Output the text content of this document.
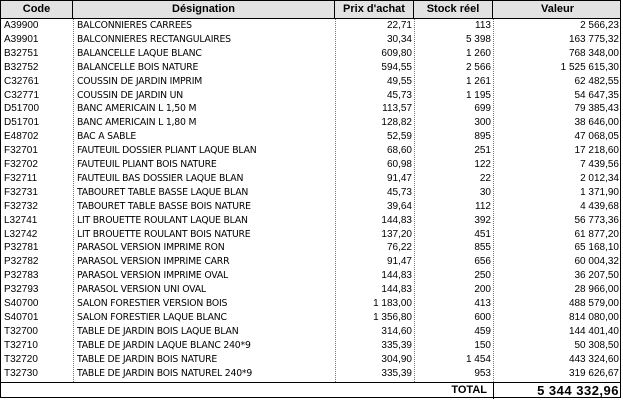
Code	Désignation	Prix d'achat	Stock réel	Valeur
A39900	BALCONNIERES CARREES	22,71	113	2 566,23
A39901	BALCONNIERES RECTANGULAIRES	30,34	5 398	163 775,32
B32751	BALANCELLE LAQUE BLANC	609,80	1 260	768 348,00
B32752	BALANCELLE BOIS NATURE	594,55	2 566	1 525 615,30
C32761	COUSSIN DE JARDIN IMPRIM	49,55	1 261	62 482,55
C32771	COUSSIN DE JARDIN UN	45,73	1 195	54 647,35
D51700	BANC AMERICAIN L 1,50 M	113,57	699	79 385,43
D51701	BANC AMERICAIN L 1,80 M	128,82	300	38 646,00
E48702	BAC A SABLE	52,59	895	47 068,05
F32701	FAUTEUIL DOSSIER PLIANT LAQUE BLAN	68,60	251	17 218,60
F32702	FAUTEUIL PLIANT BOIS NATURE	60,98	122	7 439,56
F32711	FAUTEUIL BAS DOSSIER LAQUE BLAN	91,47	22	2 012,34
F32731	TABOURET TABLE BASSE LAQUE BLAN	45,73	30	1 371,90
F32732	TABOURET TABLE BASSE BOIS NATURE	39,64	112	4 439,68
L32741	LIT BROUETTE ROULANT LAQUE BLAN	144,83	392	56 773,36
L32742	LIT BROUETTE ROULANT BOIS NATURE	137,20	451	61 877,20
P32781	PARASOL VERSION IMPRIME RON	76,22	855	65 168,10
P32782	PARASOL VERSION IMPRIME CARR	91,47	656	60 004,32
P32783	PARASOL VERSION IMPRIME OVAL	144,83	250	36 207,50
P32793	PARASOL VERSION UNI OVAL	144,83	200	28 966,00
S40700	SALON FORESTIER VERSION BOIS	1 183,00	413	488 579,00
S40701	SALON FORESTIER LAQUE BLANC	1 356,80	600	814 080,00
T32700	TABLE DE JARDIN BOIS LAQUE BLAN	314,60	459	144 401,40
T32710	TABLE DE JARDIN LAQUE BLANC 240*9	335,39	150	50 308,50
T32720	TABLE DE JARDIN BOIS NATURE	304,90	1 454	443 324,60
T32730	TABLE DE JARDIN BOIS NATUREL 240*9	335,39	953	319 626,67
TOTAL	5 344 332,96
